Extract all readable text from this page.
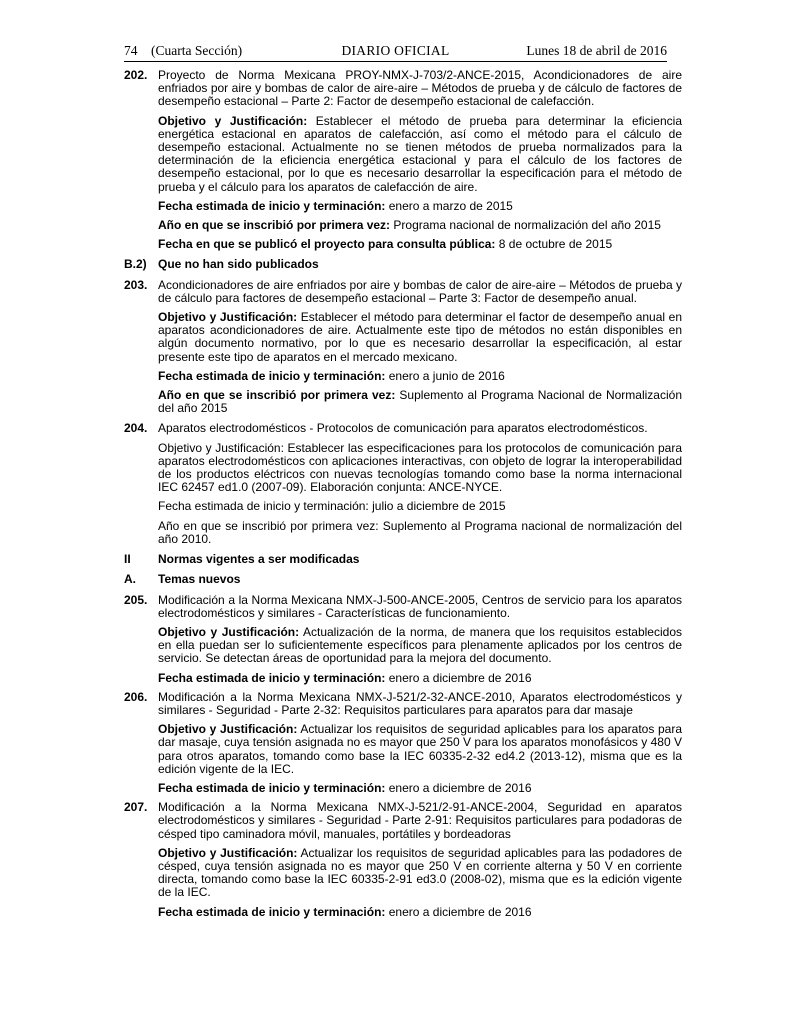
74 (Cuarta Sección)	DIARIO OFICIAL	Lunes 18 de abril de 2016
202. Proyecto de Norma Mexicana PROY-NMX-J-703/2-ANCE-2015, Acondicionadores de aire enfriados por aire y bombas de calor de aire-aire – Métodos de prueba y de cálculo de factores de desempeño estacional – Parte 2: Factor de desempeño estacional de calefacción.
Objetivo y Justificación: Establecer el método de prueba para determinar la eficiencia energética estacional en aparatos de calefacción, así como el método para el cálculo de desempeño estacional. Actualmente no se tienen métodos de prueba normalizados para la determinación de la eficiencia energética estacional y para el cálculo de los factores de desempeño estacional, por lo que es necesario desarrollar la especificación para el método de prueba y el cálculo para los aparatos de calefacción de aire.
Fecha estimada de inicio y terminación: enero a marzo de 2015
Año en que se inscribió por primera vez: Programa nacional de normalización del año 2015
Fecha en que se publicó el proyecto para consulta pública: 8 de octubre de 2015
B.2) Que no han sido publicados
203. Acondicionadores de aire enfriados por aire y bombas de calor de aire-aire – Métodos de prueba y de cálculo para factores de desempeño estacional – Parte 3: Factor de desempeño anual.
Objetivo y Justificación: Establecer el método para determinar el factor de desempeño anual en aparatos acondicionadores de aire. Actualmente este tipo de métodos no están disponibles en algún documento normativo, por lo que es necesario desarrollar la especificación, al estar presente este tipo de aparatos en el mercado mexicano.
Fecha estimada de inicio y terminación: enero a junio de 2016
Año en que se inscribió por primera vez: Suplemento al Programa Nacional de Normalización del año 2015
204. Aparatos electrodomésticos - Protocolos de comunicación para aparatos electrodomésticos.
Objetivo y Justificación: Establecer las especificaciones para los protocolos de comunicación para aparatos electrodomésticos con aplicaciones interactivas, con objeto de lograr la interoperabilidad de los productos eléctricos con nuevas tecnologías tomando como base la norma internacional IEC 62457 ed1.0 (2007-09). Elaboración conjunta: ANCE-NYCE.
Fecha estimada de inicio y terminación: julio a diciembre de 2015
Año en que se inscribió por primera vez: Suplemento al Programa nacional de normalización del año 2010.
II	Normas vigentes a ser modificadas
A.	Temas nuevos
205. Modificación a la Norma Mexicana NMX-J-500-ANCE-2005, Centros de servicio para los aparatos electrodomésticos y similares - Características de funcionamiento.
Objetivo y Justificación: Actualización de la norma, de manera que los requisitos establecidos en ella puedan ser lo suficientemente específicos para plenamente aplicados por los centros de servicio. Se detectan áreas de oportunidad para la mejora del documento.
Fecha estimada de inicio y terminación: enero a diciembre de 2016
206. Modificación a la Norma Mexicana NMX-J-521/2-32-ANCE-2010, Aparatos electrodomésticos y similares - Seguridad - Parte 2-32: Requisitos particulares para aparatos para dar masaje
Objetivo y Justificación: Actualizar los requisitos de seguridad aplicables para los aparatos para dar masaje, cuya tensión asignada no es mayor que 250 V para los aparatos monofásicos y 480 V para otros aparatos, tomando como base la IEC 60335-2-32 ed4.2 (2013-12), misma que es la edición vigente de la IEC.
Fecha estimada de inicio y terminación: enero a diciembre de 2016
207. Modificación a la Norma Mexicana NMX-J-521/2-91-ANCE-2004, Seguridad en aparatos electrodomésticos y similares - Seguridad - Parte 2-91: Requisitos particulares para podadoras de césped tipo caminadora móvil, manuales, portátiles y bordeadoras
Objetivo y Justificación: Actualizar los requisitos de seguridad aplicables para las podadores de césped, cuya tensión asignada no es mayor que 250 V en corriente alterna y 50 V en corriente directa, tomando como base la IEC 60335-2-91 ed3.0 (2008-02), misma que es la edición vigente de la IEC.
Fecha estimada de inicio y terminación: enero a diciembre de 2016
